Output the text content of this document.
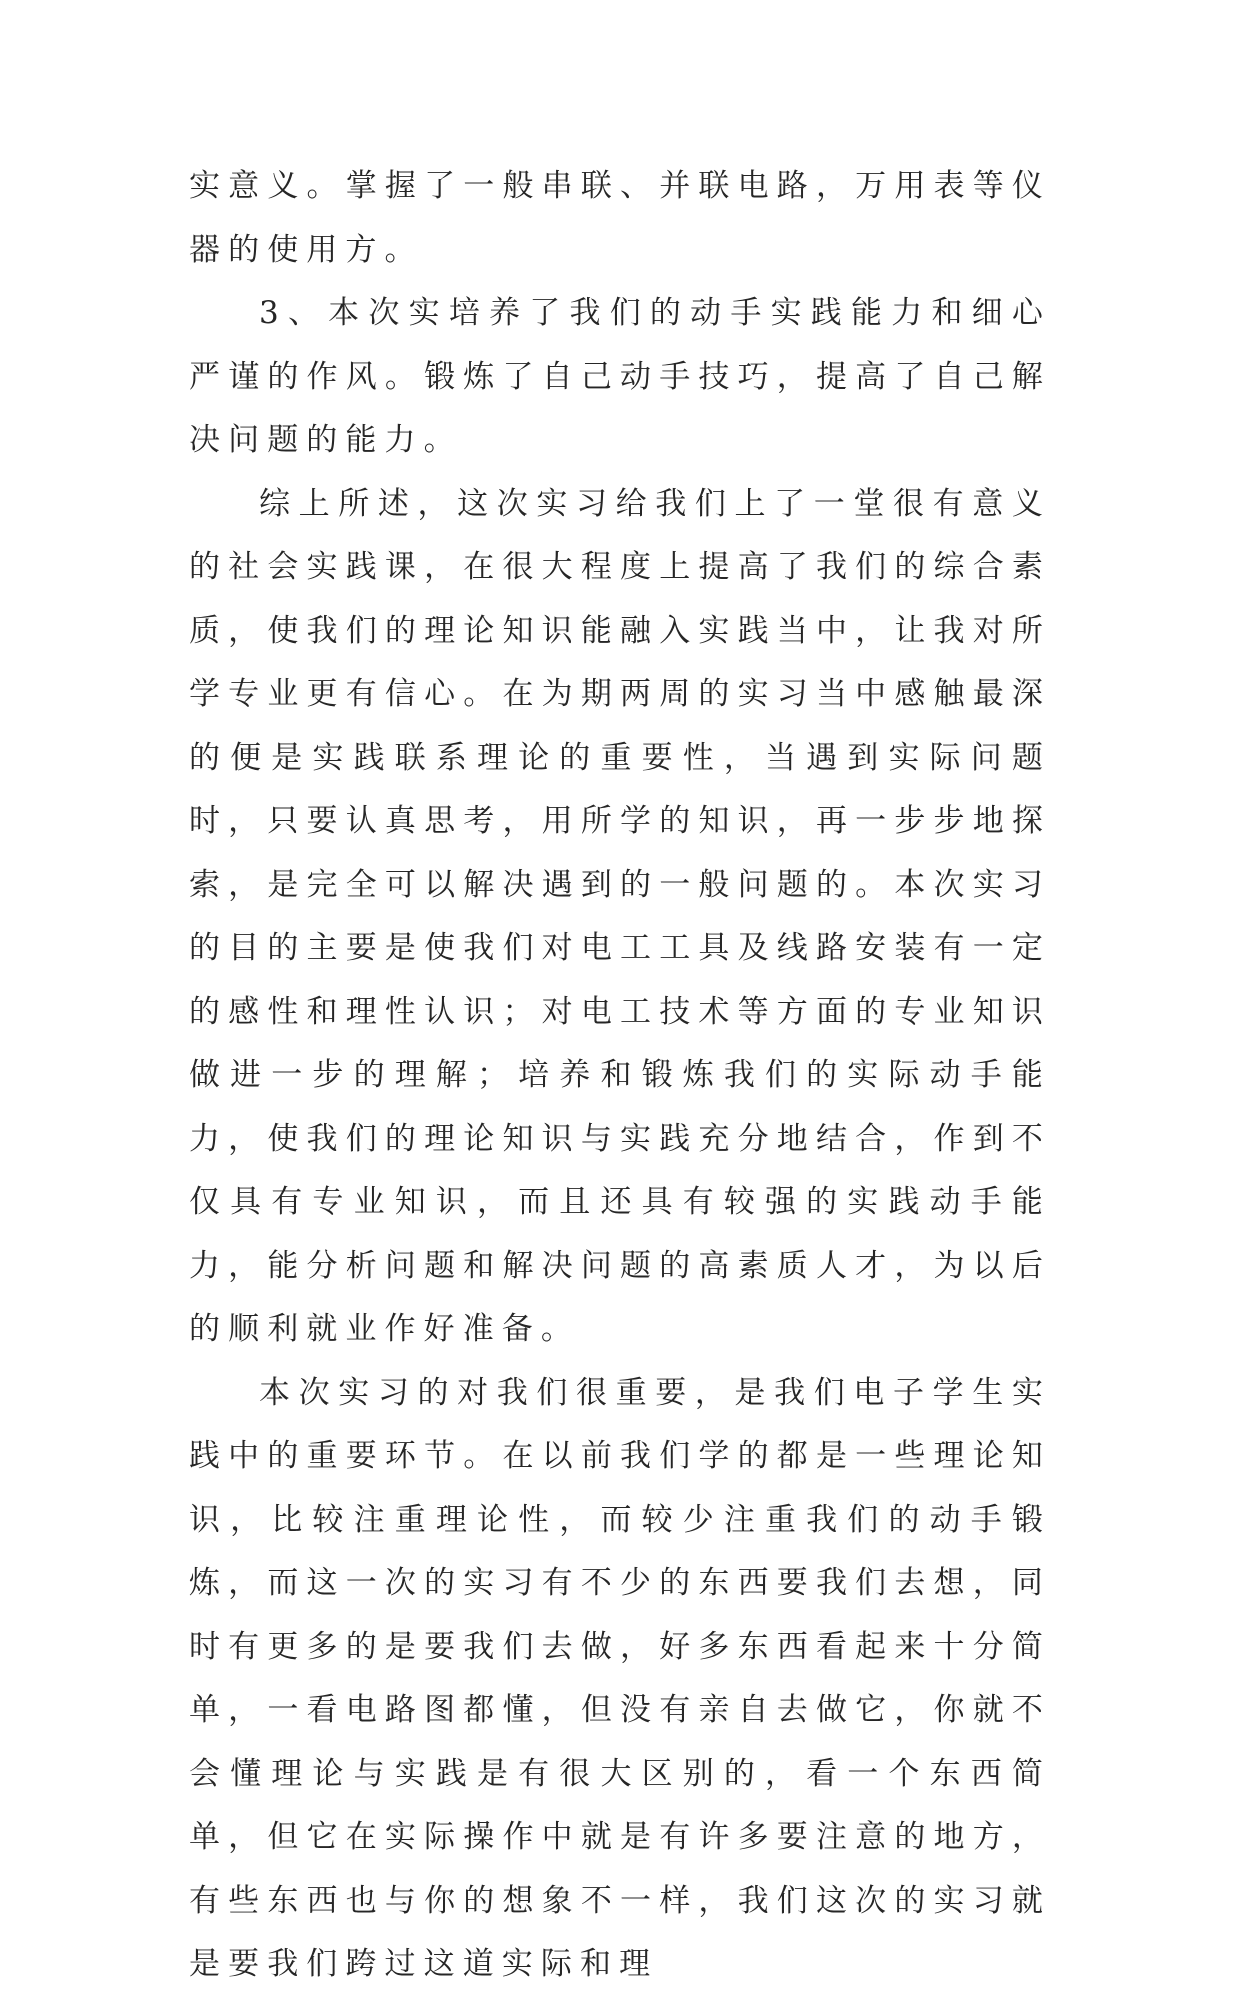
实意义。掌握了一般串联、并联电路，万用表等仪器的使用方。

3、本次实培养了我们的动手实践能力和细心严谨的作风。锻炼了自己动手技巧，提高了自己解决问题的能力。

综上所述，这次实习给我们上了一堂很有意义的社会实践课，在很大程度上提高了我们的综合素质，使我们的理论知识能融入实践当中，让我对所学专业更有信心。在为期两周的实习当中感触最深的便是实践联系理论的重要性，当遇到实际问题时，只要认真思考，用所学的知识，再一步步地探索，是完全可以解决遇到的一般问题的。本次实习的目的主要是使我们对电工工具及线路安装有一定的感性和理性认识；对电工技术等方面的专业知识做进一步的理解；培养和锻炼我们的实际动手能力，使我们的理论知识与实践充分地结合，作到不仅具有专业知识，而且还具有较强的实践动手能力，能分析问题和解决问题的高素质人才，为以后的顺利就业作好准备。

本次实习的对我们很重要，是我们电子学生实践中的重要环节。在以前我们学的都是一些理论知识，比较注重理论性，而较少注重我们的动手锻炼，而这一次的实习有不少的东西要我们去想，同时有更多的是要我们去做，好多东西看起来十分简单，一看电路图都懂，但没有亲自去做它，你就不会懂理论与实践是有很大区别的，看一个东西简单，但它在实际操作中就是有许多要注意的地方，有些东西也与你的想象不一样，我们这次的实习就是要我们跨过这道实际和理
